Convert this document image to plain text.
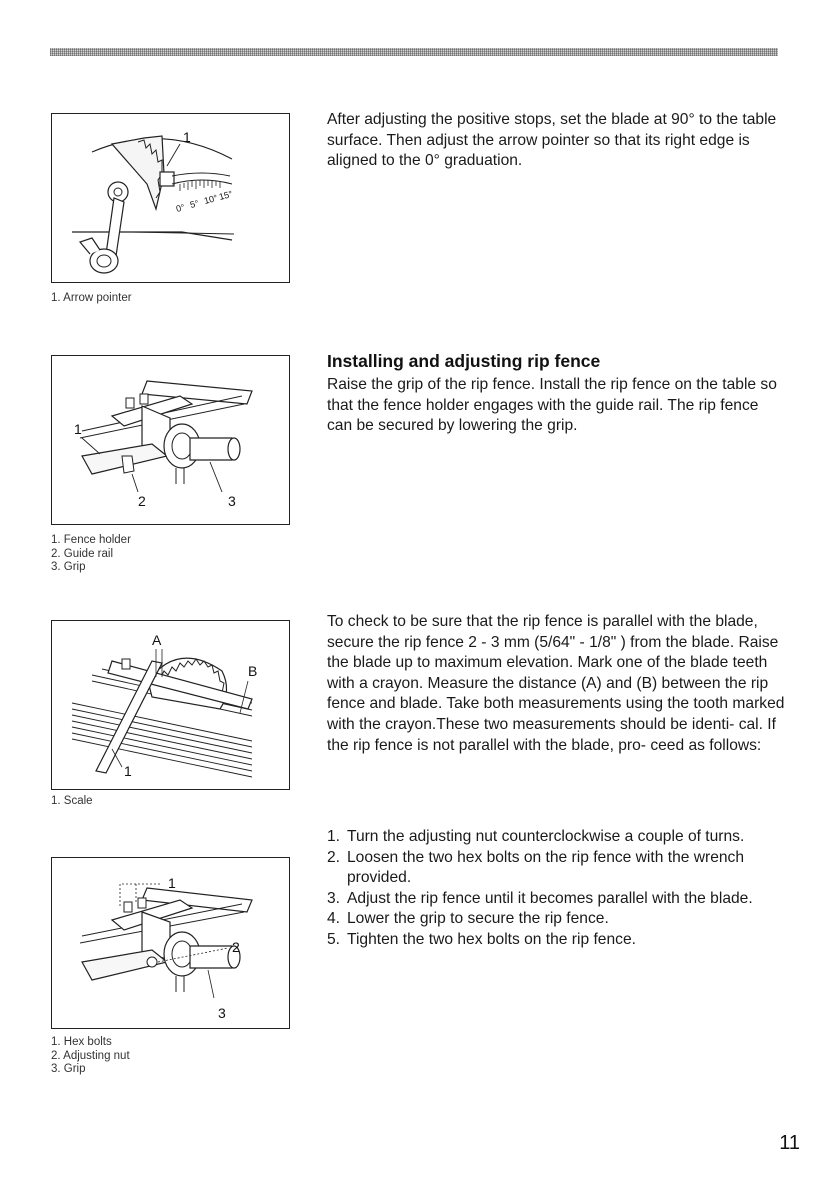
0° 5° 10° 15°
1
1. Arrow pointer
1
2	3
1. Fence holder
2. Guide rail
3. Grip
A
B
1
1. Scale
1
2
3
1. Hex bolts
2. Adjusting nut
3. Grip
After adjusting the positive stops, set the blade at 90° to the table surface. Then adjust the arrow pointer so that its right edge is aligned to the 0° graduation.
Installing and adjusting rip fence
Raise the grip of the rip fence. Install the rip fence on the table so that the fence holder engages with the guide rail. The rip fence can be secured by lowering the grip.
To check to be sure that the rip fence is parallel with the blade, secure the rip fence 2 - 3 mm (5/64" - 1/8" ) from the blade. Raise the blade up to maximum elevation. Mark one of the blade teeth with a crayon. Measure the distance (A) and (B) between the rip fence and blade. Take both measurements using the tooth marked with the crayon.These two measurements should be identi- cal. If the rip fence is not parallel with the blade, pro- ceed as follows:
1. Turn the adjusting nut counterclockwise a couple of turns.
2. Loosen the two hex bolts on the rip fence with the wrench provided.
3. Adjust the rip fence until it becomes parallel with the blade.
4. Lower the grip to secure the rip fence.
5. Tighten the two hex bolts on the rip fence.
11
